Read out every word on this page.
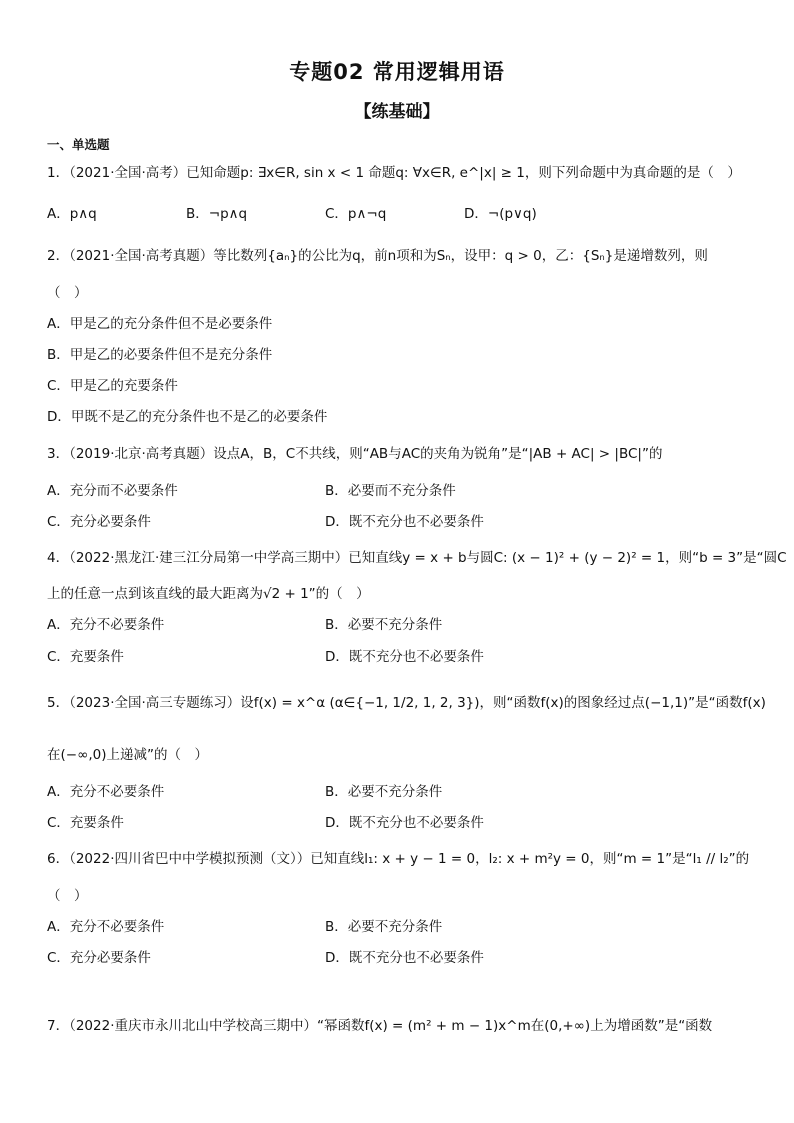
专题02 常用逻辑用语
【练基础】
一、单选题
1．（2021·全国·高考）已知命题p: ∃x∈R, sin x < 1 命题q: ∀x∈R, e^|x| ≥ 1，则下列命题中为真命题的是（　）
A．p∧q	B．¬p∧q	C．p∧¬q	D．¬(p∨q)
2．（2021·全国·高考真题）等比数列{aₙ}的公比为q，前n项和为Sₙ，设甲：q > 0，乙：{Sₙ}是递增数列，则
（　）
A．甲是乙的充分条件但不是必要条件
B．甲是乙的必要条件但不是充分条件
C．甲是乙的充要条件
D．甲既不是乙的充分条件也不是乙的必要条件
3．（2019·北京·高考真题）设点A，B，C不共线，则“AB与AC的夹角为锐角”是“|AB + AC| > |BC|”的
A．充分而不必要条件	B．必要而不充分条件
C．充分必要条件	D．既不充分也不必要条件
4．（2022·黑龙江·建三江分局第一中学高三期中）已知直线y = x + b与圆C: (x − 1)² + (y − 2)² = 1，则“b = 3”是“圆C
上的任意一点到该直线的最大距离为√2 + 1”的（　）
A．充分不必要条件	B．必要不充分条件
C．充要条件	D．既不充分也不必要条件
5．（2023·全国·高三专题练习）设f(x) = x^α (α∈{−1, 1/2, 1, 2, 3})，则“函数f(x)的图象经过点(−1,1)”是“函数f(x)
在(−∞,0)上递减”的（　）
A．充分不必要条件	B．必要不充分条件
C．充要条件	D．既不充分也不必要条件
6．（2022·四川省巴中中学模拟预测（文））已知直线l₁: x + y − 1 = 0，l₂: x + m²y = 0，则“m = 1”是“l₁ // l₂”的
（　）
A．充分不必要条件	B．必要不充分条件
C．充分必要条件	D．既不充分也不必要条件
7．（2022·重庆市永川北山中学校高三期中）“幂函数f(x) = (m² + m − 1)x^m在(0,+∞)上为增函数”是“函数
